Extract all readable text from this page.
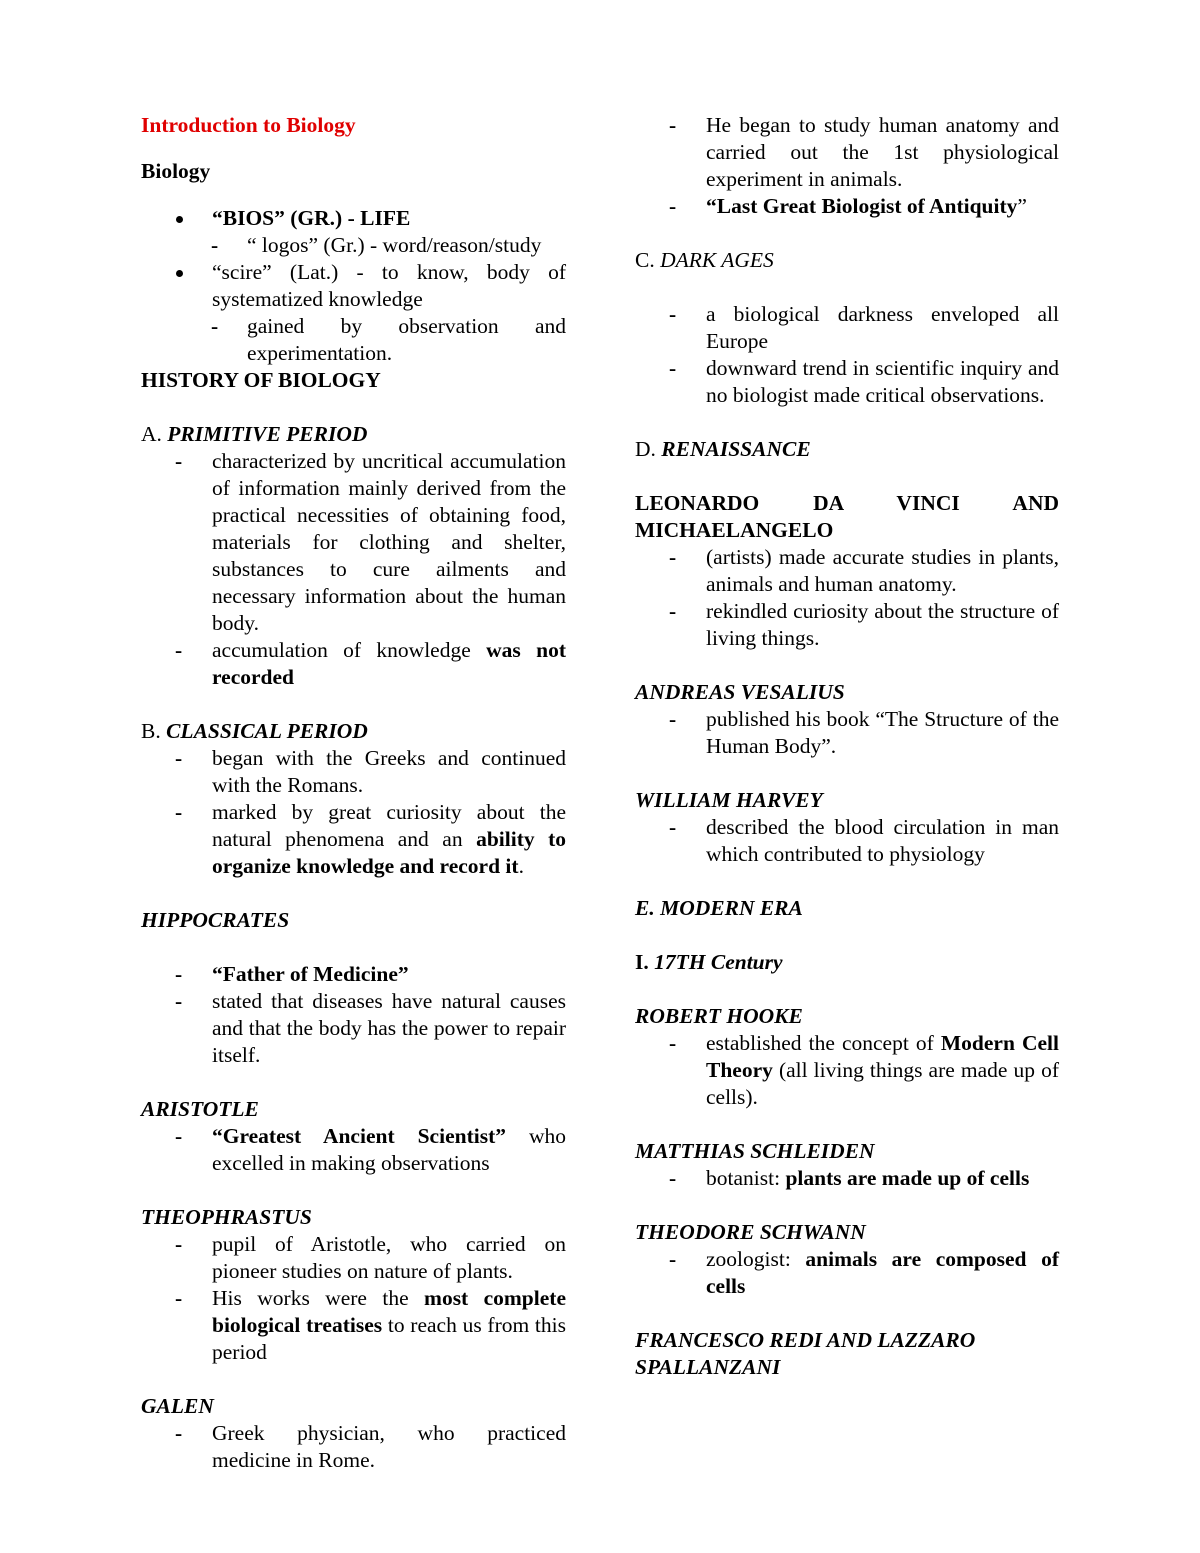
Introduction to Biology

Biology

“BIOS” (GR.) - LIFE

- “ logos” (Gr.) - word/reason/study

“scire” (Lat.) - to know, body of systematized knowledge

- gained by observation and experimentation.

HISTORY OF BIOLOGY

A. PRIMITIVE PERIOD

- characterized by uncritical accumulation of information mainly derived from the practical necessities of obtaining food, materials for clothing and shelter, substances to cure ailments and necessary information about the human body.

- accumulation of knowledge was not recorded

B. CLASSICAL PERIOD

- began with the Greeks and continued with the Romans.

- marked by great curiosity about the natural phenomena and an ability to organize knowledge and record it.

HIPPOCRATES

- “Father of Medicine”

- stated that diseases have natural causes and that the body has the power to repair itself.

ARISTOTLE

- “Greatest Ancient Scientist” who excelled in making observations

THEOPHRASTUS

- pupil of Aristotle, who carried on pioneer studies on nature of plants.

- His works were the most complete biological treatises to reach us from this period

GALEN

- Greek physician, who practiced medicine in Rome.

- He began to study human anatomy and carried out the 1st physiological experiment in animals.

- “Last Great Biologist of Antiquity”

C. DARK AGES

- a biological darkness enveloped all Europe

- downward trend in scientific inquiry and no biologist made critical observations.

D. RENAISSANCE

LEONARDO DA VINCI AND MICHAELANGELO

- (artists) made accurate studies in plants, animals and human anatomy.

- rekindled curiosity about the structure of living things.

ANDREAS VESALIUS

- published his book “The Structure of the Human Body”.

WILLIAM HARVEY

- described the blood circulation in man which contributed to physiology

E. MODERN ERA

I. 17TH Century

ROBERT HOOKE

- established the concept of Modern Cell Theory (all living things are made up of cells).

MATTHIAS SCHLEIDEN

- botanist: plants are made up of cells

THEODORE SCHWANN

- zoologist: animals are composed of cells

FRANCESCO REDI AND LAZZARO SPALLANZANI
